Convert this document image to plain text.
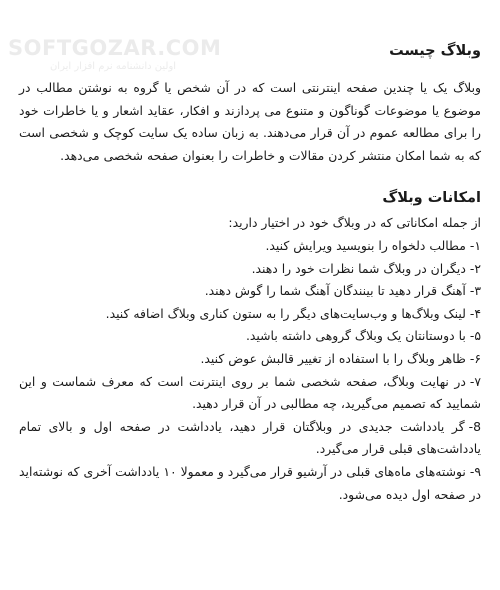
SOFTGOZAR.COM
اولین دانشنامه نرم افزار ایران
وبلاگ چیست

وبلاگ یک یا چندین صفحه اینترنتی است که در آن شخص یا گروه به نوشتن مطالب در موضوع یا موضوعات گوناگون و متنوع می پردازند و افکار، عقاید اشعار و یا خاطرات خود را برای مطالعه عموم در آن قرار می‌دهند. به زبان ساده یک سایت کوچک و شخصی است که به شما امکان منتشر کردن مقالات و خاطرات را بعنوان صفحه شخصی می‌دهد.

امکانات وبلاگ
از جمله امکاناتی که در وبلاگ خود در اختیار دارید:
۱-مطالب دلخواه را بنویسید ویرایش کنید.
۲-دیگران در وبلاگ شما نظرات خود را دهند.
۳-آهنگ قرار دهید تا بینندگان آهنگ شما را گوش دهند.
۴-لینک وبلاگ‌ها و وب‌سایت‌های دیگر را به ستون کناری وبلاگ اضافه کنید.
۵-با دوستانتان یک وبلاگ گروهی داشته باشید.
۶-ظاهر وبلاگ را با استفاده از تغییر قالبش عوض کنید.
۷-در نهایت وبلاگ، صفحه شخصی شما بر روی اینترنت است که معرف شماست و این شمایید که تصمیم می‌گیرید، چه مطالبی در آن قرار دهید.
8-گر یادداشت جدیدی در وبلاگتان قرار دهید، یادداشت در صفحه اول و بالای تمام یادداشت‌های قبلی قرار می‌گیرد.
۹-نوشته‌های ماه‌های قبلی در آرشیو قرار می‌گیرد و معمولا ۱۰ یادداشت آخری که نوشته‌اید در صفحه اول دیده می‌شود.
